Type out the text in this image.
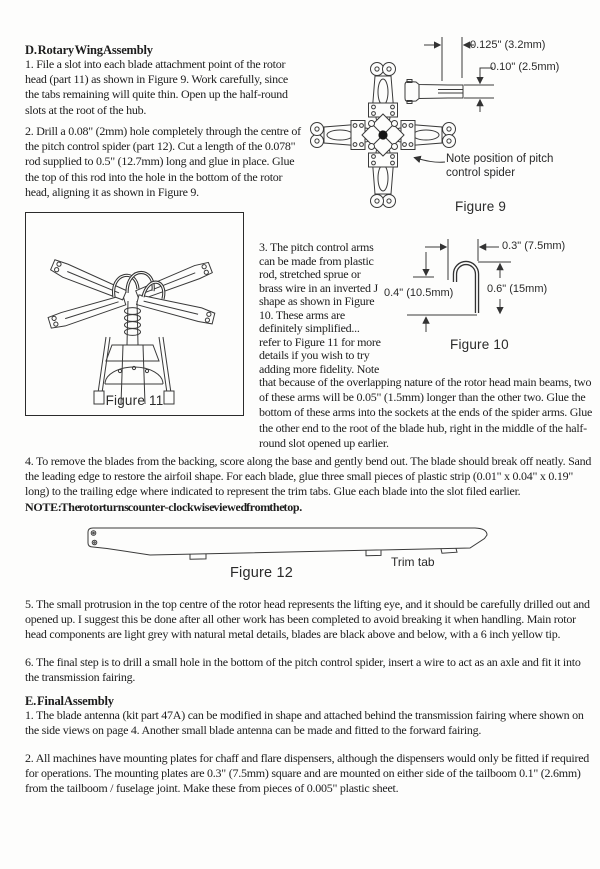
D. Rotary Wing Assembly
1. File a slot into each blade attachment point of the rotor head (part 11) as shown in Figure 9. Work carefully, since the tabs remaining will quite thin. Open up the half-round slots at the root of the hub.
2. Drill a 0.08" (2mm) hole completely through the centre of the pitch control spider (part 12). Cut a length of the 0.078" rod supplied to 0.5" (12.7mm) long and glue in place. Glue the top of this rod into the hole in the bottom of the rotor head, aligning it as shown in Figure 9.
0.125" (3.2mm)
0.10" (2.5mm)
Note position of pitch control spider
Figure 9
Figure 11
3. The pitch control arms can be made from plastic rod, stretched sprue or brass wire in an inverted J shape as shown in Figure 10. These arms are definitely simplified... refer to Figure 11 for more details if you wish to try adding more fidelity. Note
that because of the overlapping nature of the rotor head main beams, two of these arms will be 0.05" (1.5mm) longer than the other two. Glue the bottom of these arms into the sockets at the ends of the spider arms. Glue the other end to the root of the blade hub, right in the middle of the half-round slot opened up earlier.
0.3" (7.5mm)
0.4" (10.5mm)	0.6" (15mm)
Figure 10
4. To remove the blades from the backing, score along the base and gently bend out. The blade should break off neatly. Sand the leading edge to restore the airfoil shape. For each blade, glue three small pieces of plastic strip (0.01" x 0.04" x 0.19" long) to the trailing edge where indicated to represent the trim tabs. Glue each blade into the slot filed earlier.
NOTE: The rotor turns counter-clockwise viewed from the top.
Trim tab
Figure 12
5. The small protrusion in the top centre of the rotor head represents the lifting eye, and it should be carefully drilled out and opened up. I suggest this be done after all other work has been completed to avoid breaking it when handling. Main rotor head components are light grey with natural metal details, blades are black above and below, with a 6 inch yellow tip.
6. The final step is to drill a small hole in the bottom of the pitch control spider, insert a wire to act as an axle and fit it into the transmission fairing.
E. Final Assembly
1. The blade antenna (kit part 47A) can be modified in shape and attached behind the transmission fairing where shown on the side views on page 4. Another small blade antenna can be made and fitted to the forward fairing.
2. All machines have mounting plates for chaff and flare dispensers, although the dispensers would only be fitted if required for operations. The mounting plates are 0.3" (7.5mm) square and are mounted on either side of the tailboom 0.1" (2.6mm) from the tailboom / fuselage joint. Make these from pieces of 0.005" plastic sheet.
